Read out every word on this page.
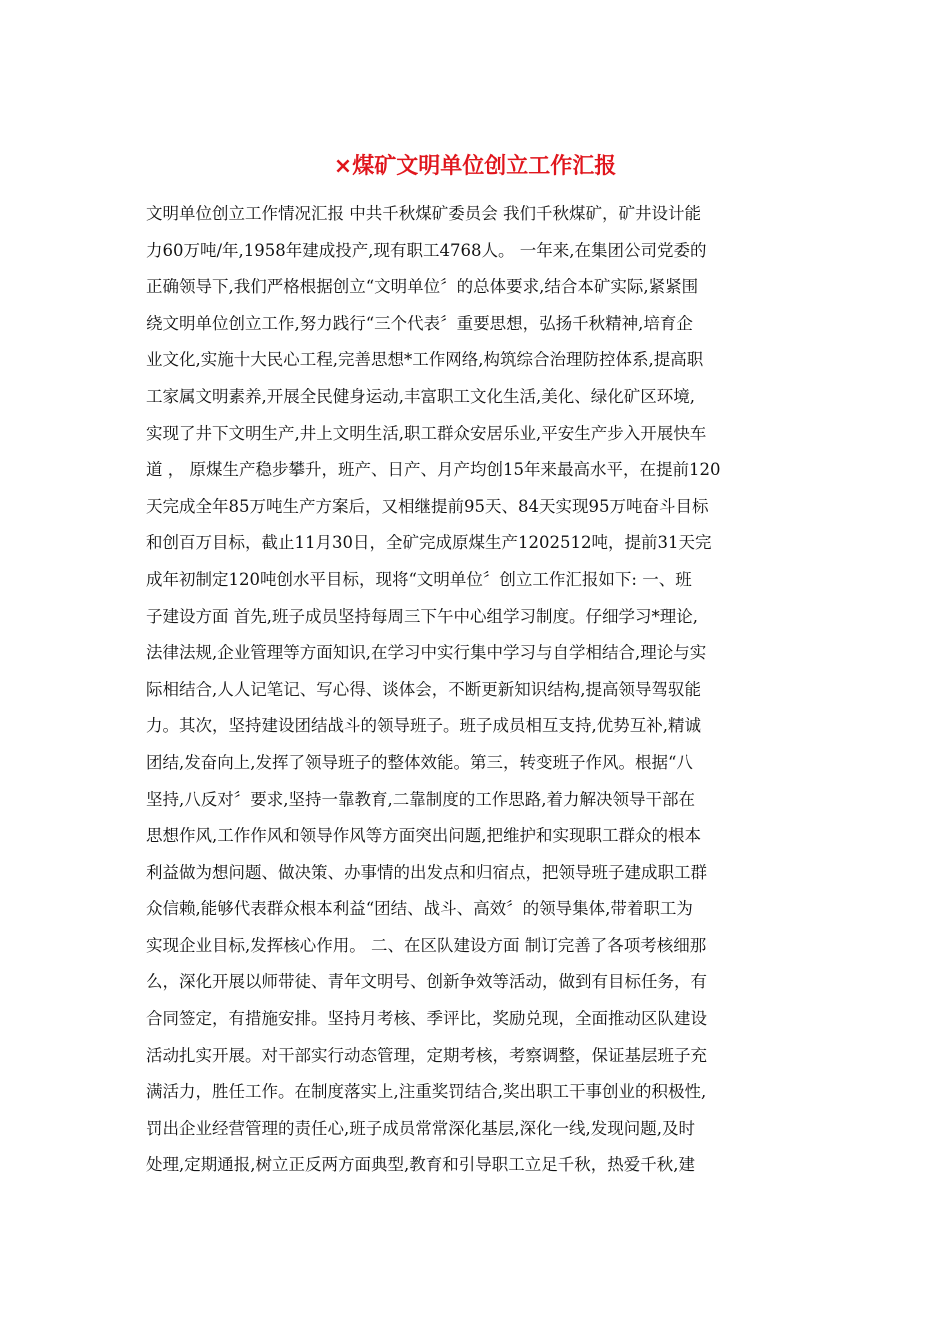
×煤矿文明单位创立工作汇报
文明单位创立工作情况汇报 中共千秋煤矿委员会 我们千秋煤矿，矿井设计能
力60万吨/年,1958年建成投产,现有职工4768人。 一年来,在集团公司党委的
正确领导下,我们严格根据创立“文明单位〞的总体要求,结合本矿实际,紧紧围
绕文明单位创立工作,努力践行“三个代表〞重要思想，弘扬千秋精神,培育企
业文化,实施十大民心工程,完善思想*工作网络,构筑综合治理防控体系,提高职
工家属文明素养,开展全民健身运动,丰富职工文化生活,美化、绿化矿区环境,
实现了井下文明生产,井上文明生活,职工群众安居乐业,平安生产步入开展快车
道 ， 原煤生产稳步攀升，班产、日产、月产均创15年来最高水平，在提前120
天完成全年85万吨生产方案后，又相继提前95天、84天实现95万吨奋斗目标
和创百万目标，截止11月30日，全矿完成原煤生产1202512吨，提前31天完
成年初制定120吨创水平目标，现将“文明单位〞创立工作汇报如下: 一、班
子建设方面 首先,班子成员坚持每周三下午中心组学习制度。仔细学习*理论,
法律法规,企业管理等方面知识,在学习中实行集中学习与自学相结合,理论与实
际相结合,人人记笔记、写心得、谈体会，不断更新知识结构,提高领导驾驭能
力。其次，坚持建设团结战斗的领导班子。班子成员相互支持,优势互补,精诚
团结,发奋向上,发挥了领导班子的整体效能。第三，转变班子作风。根据“八
坚持,八反对〞要求,坚持一靠教育,二靠制度的工作思路,着力解决领导干部在
思想作风,工作作风和领导作风等方面突出问题,把维护和实现职工群众的根本
利益做为想问题、做决策、办事情的出发点和归宿点，把领导班子建成职工群
众信赖,能够代表群众根本利益“团结、战斗、高效〞的领导集体,带着职工为
实现企业目标,发挥核心作用。 二、在区队建设方面 制订完善了各项考核细那
么，深化开展以师带徒、青年文明号、创新争效等活动，做到有目标任务，有
合同签定，有措施安排。坚持月考核、季评比，奖励兑现，全面推动区队建设
活动扎实开展。对干部实行动态管理，定期考核，考察调整，保证基层班子充
满活力，胜任工作。在制度落实上,注重奖罚结合,奖出职工干事创业的积极性,
罚出企业经营管理的责任心,班子成员常常深化基层,深化一线,发现问题,及时
处理,定期通报,树立正反两方面典型,教育和引导职工立足千秋，热爱千秋,建
